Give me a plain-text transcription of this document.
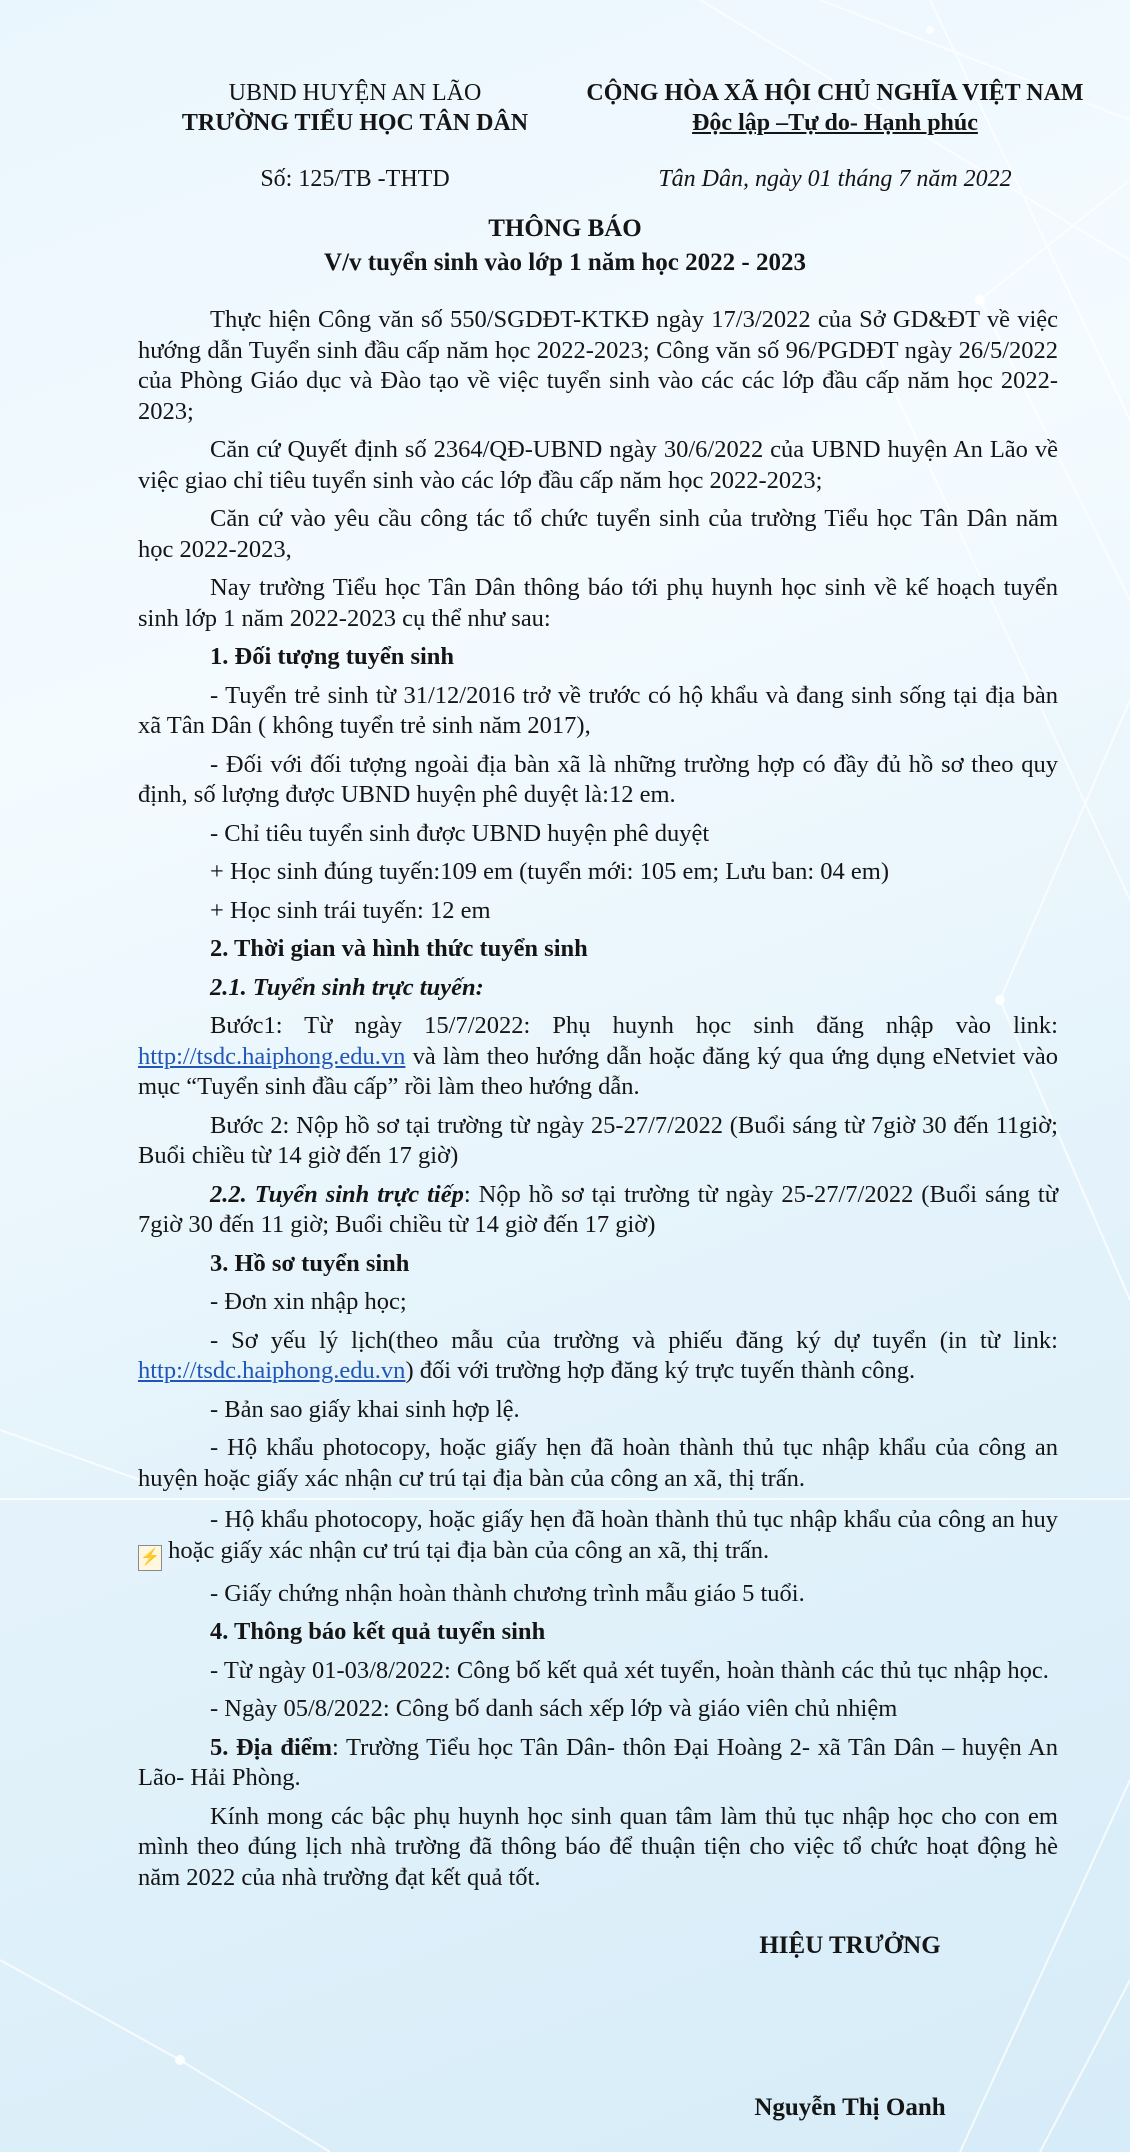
UBND HUYỆN AN LÃO
TRƯỜNG TIỂU HỌC TÂN DÂN
Số: 125/TB -THTD
CỘNG HÒA XÃ HỘI CHỦ NGHĨA VIỆT NAM
Độc lập –Tự do- Hạnh phúc
Tân Dân, ngày 01 tháng 7 năm 2022
THÔNG BÁO
V/v tuyển sinh vào lớp 1 năm học 2022 - 2023

Thực hiện Công văn số 550/SGDĐT-KTKĐ ngày 17/3/2022 của Sở GD&ĐT về việc hướng dẫn Tuyển sinh đầu cấp năm học 2022-2023; Công văn số 96/PGDĐT ngày 26/5/2022 của Phòng Giáo dục và Đào tạo về việc tuyển sinh vào các các lớp đầu cấp năm học 2022-2023;

Căn cứ Quyết định số 2364/QĐ-UBND ngày 30/6/2022 của UBND huyện An Lão về việc giao chỉ tiêu tuyển sinh vào các lớp đầu cấp năm học 2022-2023;

Căn cứ vào yêu cầu công tác tổ chức tuyển sinh của trường Tiểu học Tân Dân năm học 2022-2023,

Nay trường Tiểu học Tân Dân thông báo tới phụ huynh học sinh về kế hoạch tuyển sinh lớp 1 năm 2022-2023 cụ thể như sau:

1. Đối tượng tuyển sinh

- Tuyển trẻ sinh từ 31/12/2016 trở về trước có hộ khẩu và đang sinh sống tại địa bàn xã Tân Dân ( không tuyển trẻ sinh năm 2017),

- Đối với đối tượng ngoài địa bàn xã là những trường hợp có đầy đủ hồ sơ theo quy định, số lượng được UBND huyện phê duyệt là:12 em.

- Chỉ tiêu tuyển sinh được UBND huyện phê duyệt

+ Học sinh đúng tuyến:109 em (tuyển mới: 105 em; Lưu ban: 04 em)

+ Học sinh trái tuyến: 12 em

2. Thời gian và hình thức tuyển sinh

2.1. Tuyển sinh trực tuyến:

Bước1: Từ ngày 15/7/2022: Phụ huynh học sinh đăng nhập vào link: http://tsdc.haiphong.edu.vn và làm theo hướng dẫn hoặc đăng ký qua ứng dụng eNetviet vào mục “Tuyển sinh đầu cấp” rồi làm theo hướng dẫn.

Bước 2: Nộp hồ sơ tại trường từ ngày 25-27/7/2022 (Buổi sáng từ 7giờ 30 đến 11giờ; Buổi chiều từ 14 giờ đến 17 giờ)

2.2. Tuyển sinh trực tiếp: Nộp hồ sơ tại trường từ ngày 25-27/7/2022 (Buổi sáng từ 7giờ 30 đến 11 giờ; Buổi chiều từ 14 giờ đến 17 giờ)

3. Hồ sơ tuyển sinh

- Đơn xin nhập học;

- Sơ yếu lý lịch(theo mẫu của trường và phiếu đăng ký dự tuyển (in từ link: http://tsdc.haiphong.edu.vn) đối với trường hợp đăng ký trực tuyến thành công.

- Bản sao giấy khai sinh hợp lệ.

- Hộ khẩu photocopy, hoặc giấy hẹn đã hoàn thành thủ tục nhập khẩu của công an huyện hoặc giấy xác nhận cư trú tại địa bàn của công an xã, thị trấn.

- Hộ khẩu photocopy, hoặc giấy hẹn đã hoàn thành thủ tục nhập khẩu của công an huy⚡ hoặc giấy xác nhận cư trú tại địa bàn của công an xã, thị trấn.

- Giấy chứng nhận hoàn thành chương trình mẫu giáo 5 tuổi.

4. Thông báo kết quả tuyển sinh

- Từ ngày 01-03/8/2022: Công bố kết quả xét tuyển, hoàn thành các thủ tục nhập học.

- Ngày 05/8/2022: Công bố danh sách xếp lớp và giáo viên chủ nhiệm

5. Địa điểm: Trường Tiểu học Tân Dân- thôn Đại Hoàng 2- xã Tân Dân – huyện An Lão- Hải Phòng.

Kính mong các bậc phụ huynh học sinh quan tâm làm thủ tục nhập học cho con em mình theo đúng lịch nhà trường đã thông báo để thuận tiện cho việc tổ chức hoạt động hè năm 2022 của nhà trường đạt kết quả tốt.

HIỆU TRƯỞNG
Nguyễn Thị Oanh
